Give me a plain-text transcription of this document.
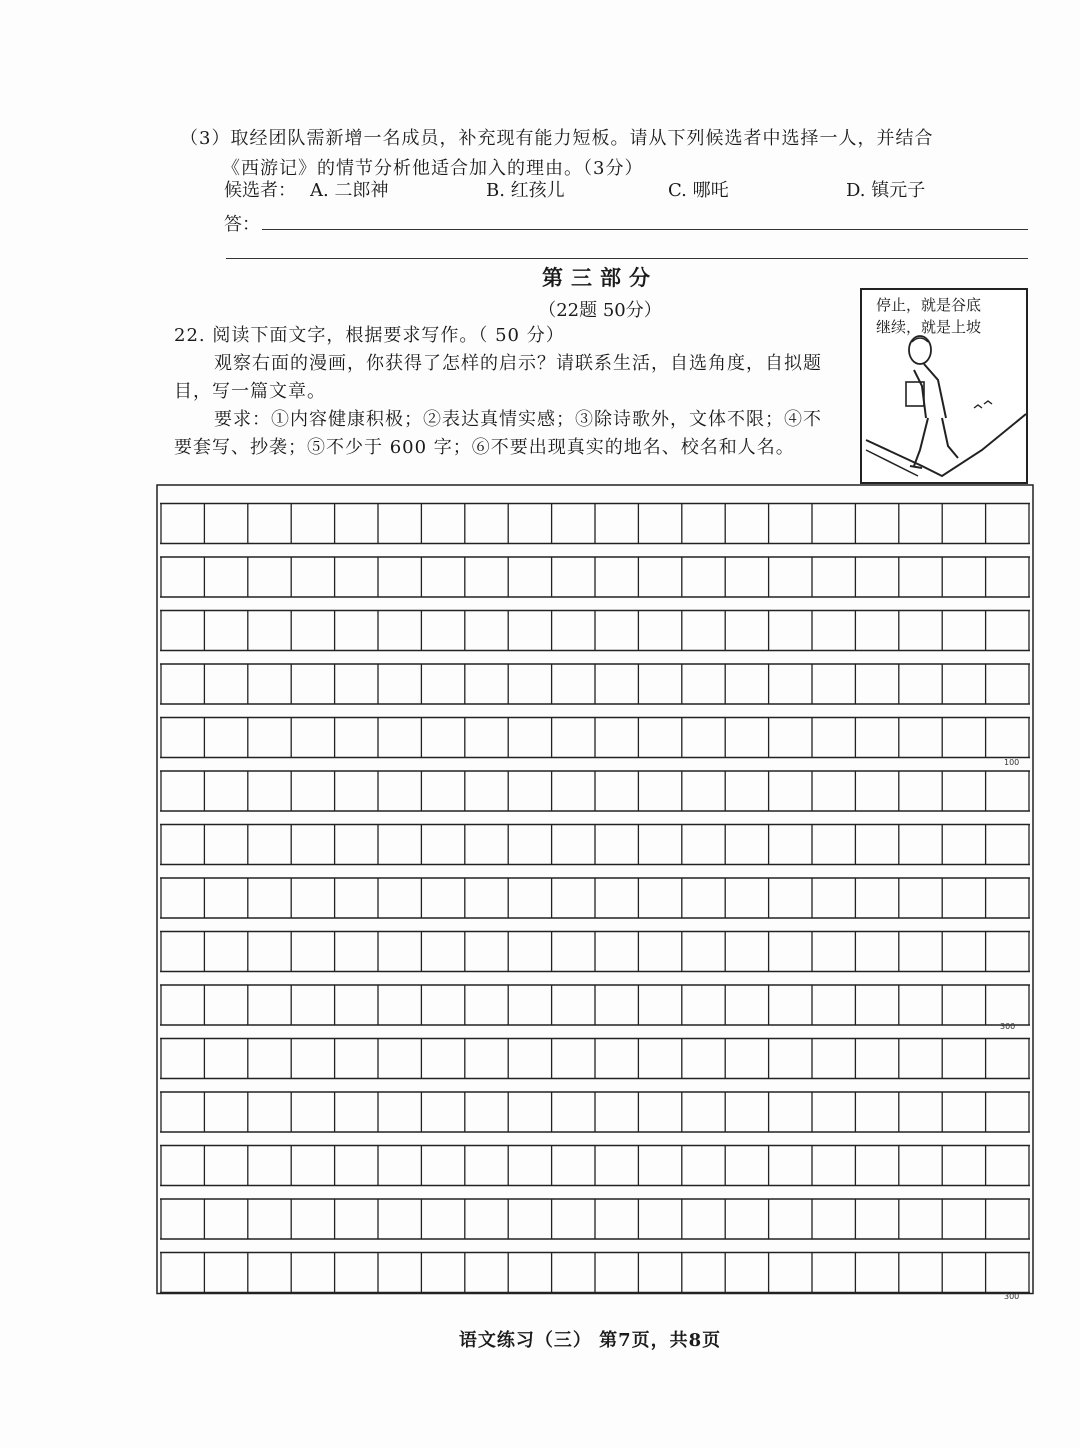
（3）取经团队需新增一名成员，补充现有能力短板。请从下列候选者中选择一人，并结合
《西游记》的情节分析他适合加入的理由。（3分）
候选者： A. 二郎神	B. 红孩儿	C. 哪吒	D. 镇元子
答：
第三部分
（22题 50分）

22. 阅读下面文字，根据要求写作。（ 50 分）

观察右面的漫画，你获得了怎样的启示？请联系生活，自选角度，自拟题目，写一篇文章。

要求：①内容健康积极；②表达真情实感；③除诗歌外，文体不限；④不要套写、抄袭；⑤不少于 600 字；⑥不要出现真实的地名、校名和人名。

停止，就是谷底
继续，就是上坡
100
300
300
语文练习（三） 第7页，共8页
